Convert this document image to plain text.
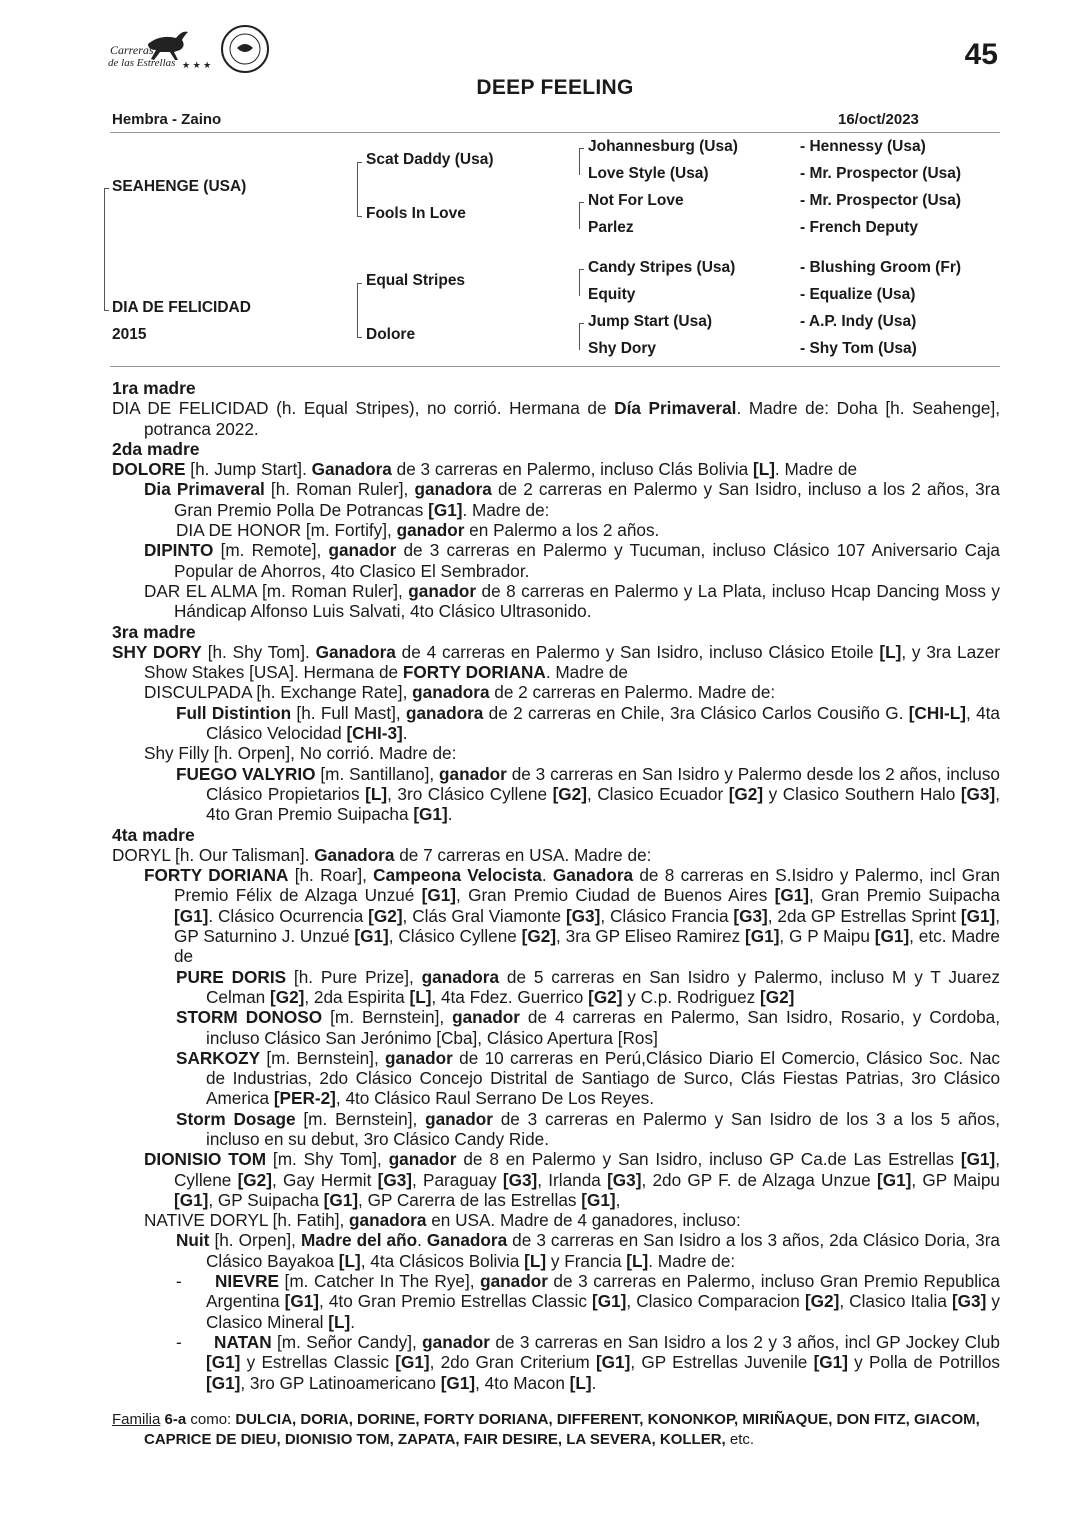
Carreras
de las Estrellas ★ ★ ★	45
DEEP FEELING
Hembra - Zaino	16/oct/2023
SEAHENGE (USA)
DIA DE FELICIDAD
2015
Scat Daddy (Usa)
Fools In Love
Equal Stripes
Dolore
Johannesburg (Usa)
Love Style (Usa)
Not For Love
Parlez
Candy Stripes (Usa)
Equity
Jump Start (Usa)
Shy Dory
- Hennessy (Usa)
- Mr. Prospector (Usa)
- Mr. Prospector (Usa)
- French Deputy
- Blushing Groom (Fr)
- Equalize (Usa)
- A.P. Indy (Usa)
- Shy Tom (Usa)

1ra madre

DIA DE FELICIDAD (h. Equal Stripes), no corrió. Hermana de Día Primaveral. Madre de: Doha [h. Seahenge], potranca 2022.

2da madre

DOLORE [h. Jump Start]. Ganadora de 3 carreras en Palermo, incluso Clás Bolivia [L]. Madre de

Dia Primaveral [h. Roman Ruler], ganadora de 2 carreras en Palermo y San Isidro, incluso a los 2 años, 3ra Gran Premio Polla De Potrancas [G1]. Madre de:

DIA DE HONOR [m. Fortify], ganador en Palermo a los 2 años.

DIPINTO [m. Remote], ganador de 3 carreras en Palermo y Tucuman, incluso Clásico 107 Aniversario Caja Popular de Ahorros, 4to Clasico El Sembrador.

DAR EL ALMA [m. Roman Ruler], ganador de 8 carreras en Palermo y La Plata, incluso Hcap Dancing Moss y Hándicap Alfonso Luis Salvati, 4to Clásico Ultrasonido.

3ra madre

SHY DORY [h. Shy Tom]. Ganadora de 4 carreras en Palermo y San Isidro, incluso Clásico Etoile [L], y 3ra Lazer Show Stakes [USA]. Hermana de FORTY DORIANA. Madre de

DISCULPADA [h. Exchange Rate], ganadora de 2 carreras en Palermo. Madre de:

Full Distintion [h. Full Mast], ganadora de 2 carreras en Chile, 3ra Clásico Carlos Cousiño G. [CHI-L], 4ta Clásico Velocidad [CHI-3].

Shy Filly [h. Orpen], No corrió. Madre de:

FUEGO VALYRIO [m. Santillano], ganador de 3 carreras en San Isidro y Palermo desde los 2 años, incluso Clásico Propietarios [L], 3ro Clásico Cyllene [G2], Clasico Ecuador [G2] y Clasico Southern Halo [G3], 4to Gran Premio Suipacha [G1].

4ta madre

DORYL [h. Our Talisman]. Ganadora de 7 carreras en USA. Madre de:

FORTY DORIANA [h. Roar], Campeona Velocista. Ganadora de 8 carreras en S.Isidro y Palermo, incl Gran Premio Félix de Alzaga Unzué [G1], Gran Premio Ciudad de Buenos Aires [G1], Gran Premio Suipacha [G1]. Clásico Ocurrencia [G2], Clás Gral Viamonte [G3], Clásico Francia [G3], 2da GP Estrellas Sprint [G1], GP Saturnino J. Unzué [G1], Clásico Cyllene [G2], 3ra GP Eliseo Ramirez [G1], G P Maipu [G1], etc. Madre de

PURE DORIS [h. Pure Prize], ganadora de 5 carreras en San Isidro y Palermo, incluso M y T Juarez Celman [G2], 2da Espirita [L], 4ta Fdez. Guerrico [G2] y C.p. Rodriguez [G2]

STORM DONOSO [m. Bernstein], ganador de 4 carreras en Palermo, San Isidro, Rosario, y Cordoba, incluso Clásico San Jerónimo [Cba], Clásico Apertura [Ros]

SARKOZY [m. Bernstein], ganador de 10 carreras en Perú,Clásico Diario El Comercio, Clásico Soc. Nac de Industrias, 2do Clásico Concejo Distrital de Santiago de Surco, Clás Fiestas Patrias, 3ro Clásico America [PER-2], 4to Clásico Raul Serrano De Los Reyes.

Storm Dosage [m. Bernstein], ganador de 3 carreras en Palermo y San Isidro de los 3 a los 5 años, incluso en su debut, 3ro Clásico Candy Ride.

DIONISIO TOM [m. Shy Tom], ganador de 8 en Palermo y San Isidro, incluso GP Ca.de Las Estrellas [G1], Cyllene [G2], Gay Hermit [G3], Paraguay [G3], Irlanda [G3], 2do GP F. de Alzaga Unzue [G1], GP Maipu [G1], GP Suipacha [G1], GP Carerra de las Estrellas [G1],

NATIVE DORYL [h. Fatih], ganadora en USA. Madre de 4 ganadores, incluso:

Nuit [h. Orpen], Madre del año. Ganadora de 3 carreras en San Isidro a los 3 años, 2da Clásico Doria, 3ra Clásico Bayakoa [L], 4ta Clásicos Bolivia [L] y Francia [L]. Madre de:

-      NIEVRE [m. Catcher In The Rye], ganador de 3 carreras en Palermo, incluso Gran Premio Republica Argentina [G1], 4to Gran Premio Estrellas Classic [G1], Clasico Comparacion [G2], Clasico Italia [G3] y Clasico Mineral [L].

-      NATAN [m. Señor Candy], ganador de 3 carreras en San Isidro a los 2 y 3 años, incl GP Jockey Club [G1] y Estrellas Classic [G1], 2do Gran Criterium [G1], GP Estrellas Juvenile [G1] y Polla de Potrillos [G1], 3ro GP Latinoamericano [G1], 4to Macon [L].

Familia 6-a como: DULCIA, DORIA, DORINE, FORTY DORIANA, DIFFERENT, KONONKOP, MIRIÑAQUE, DON FITZ, GIACOM, CAPRICE DE DIEU, DIONISIO TOM, ZAPATA, FAIR DESIRE, LA SEVERA, KOLLER, etc.
